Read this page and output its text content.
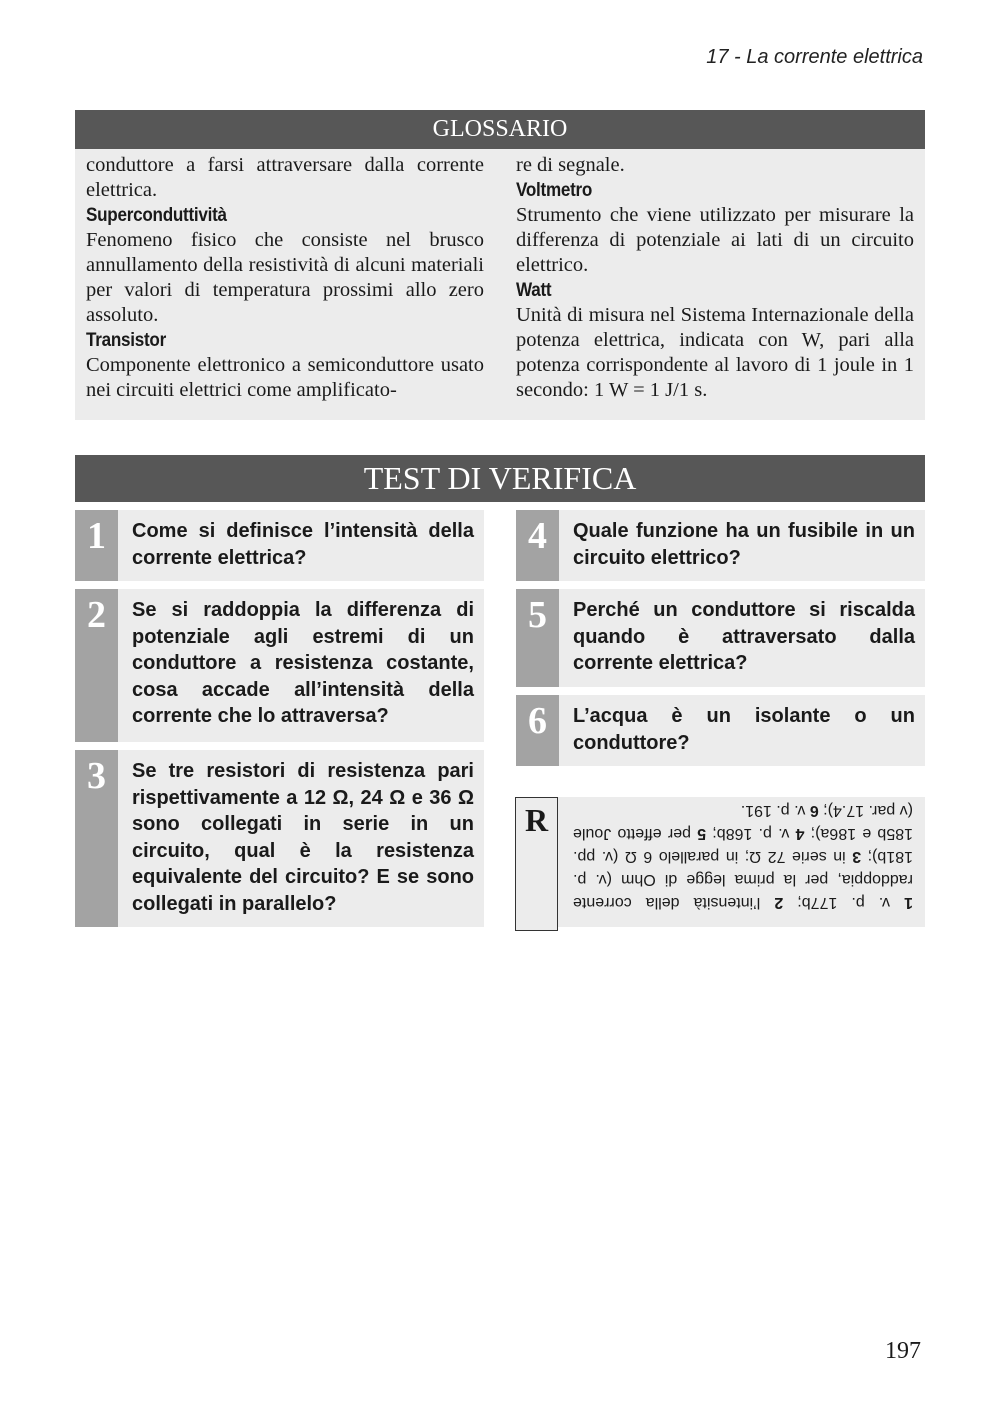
17 - La corrente elettrica
GLOSSARIO

conduttore a farsi attraversare dalla corrente elettrica.

Superconduttività

Fenomeno fisico che consiste nel brusco annullamento della resistività di alcuni materiali per valori di temperatura prossimi allo zero assoluto.

Transistor

Componente elettronico a semiconduttore usato nei circuiti elettrici come amplificato-

re di segnale.

Voltmetro

Strumento che viene utilizzato per misurare la differenza di potenziale ai lati di un circuito elettrico.

Watt

Unità di misura nel Sistema Internazionale della potenza elettrica, indicata con W, pari alla potenza corrispondente al lavoro di 1 joule in 1 secondo: 1 W = 1 J/1 s.

TEST DI VERIFICA
1	Come si definisce l’intensità della corrente elettrica?
2	Se si raddoppia la differenza di potenziale agli estremi di un conduttore a resistenza costante, cosa accade all’intensità della corrente che lo attraversa?
3	Se tre resistori di resistenza pari rispettivamente a 12 Ω, 24 Ω e 36 Ω sono collegati in serie in un circuito, qual è la resistenza equivalente del circuito? E se sono collegati in parallelo?
4	Quale funzione ha un fusibile in un circuito elettrico?
5	Perché un conduttore si riscalda quando è attraversato dalla corrente elettrica?
6	L’acqua è un isolante o un conduttore?
R
1 v. p. 177b; 2 l’intensità della corrente raddoppia, per la prima legge di Ohm (v. p. 181b); 3 in serie 72 Ω; in parallelo 6 Ω (v. pp. 185b e 186a); 4 v. p. 168b; 5 per effetto Joule (v par. 17.4); 6 v. p. 191.
197
